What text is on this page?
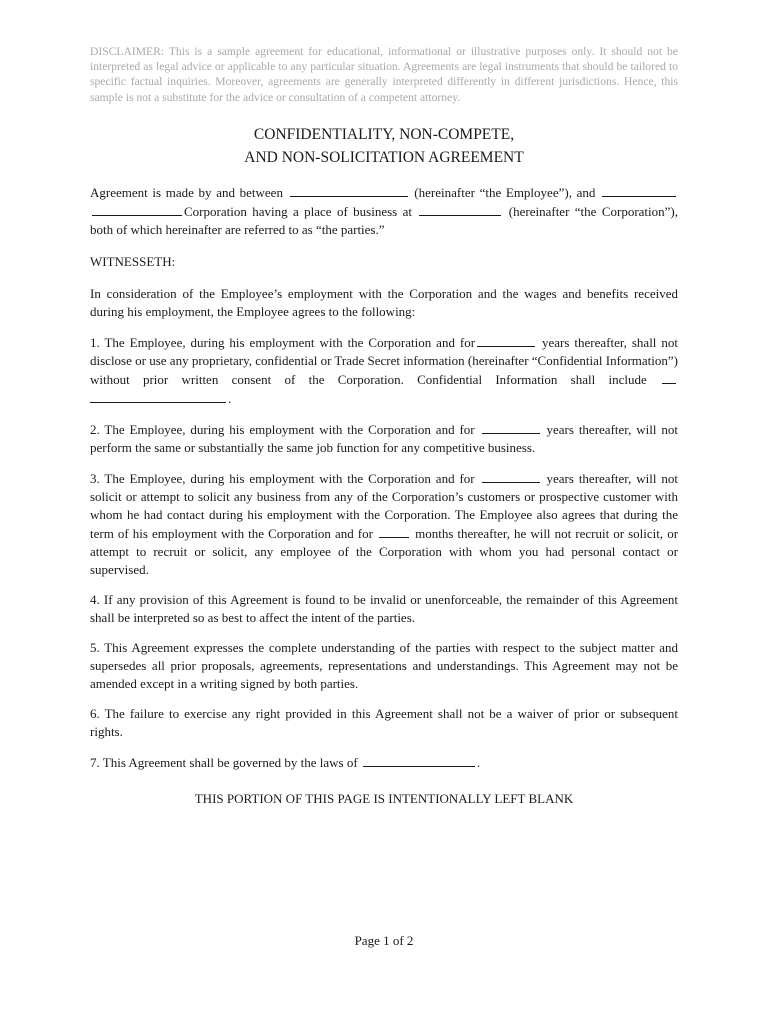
DISCLAIMER: This is a sample agreement for educational, informational or illustrative purposes only. It should not be interpreted as legal advice or applicable to any particular situation. Agreements are legal instruments that should be tailored to specific factual inquiries. Moreover, agreements are generally interpreted differently in different jurisdictions. Hence, this sample is not a substitute for the advice or consultation of a competent attorney.

CONFIDENTIALITY, NON-COMPETE,
AND NON-SOLICITATION AGREEMENT

Agreement is made by and between	(hereinafter “the Employee”), and  Corporation having a place of business at	(hereinafter “the Corporation”), both of which hereinafter are referred to as “the parties.”

WITNESSETH:

In consideration of the Employee’s employment with the Corporation and the wages and benefits received during his employment, the Employee agrees to the following:

1. The Employee, during his employment with the Corporation and for	years thereafter, shall not disclose or use any proprietary, confidential or Trade Secret information (hereinafter “Confidential Information”) without prior written consent of the Corporation. Confidential Information shall include  .

2. The Employee, during his employment with the Corporation and for	years thereafter, will not perform the same or substantially the same job function for any competitive business.

3. The Employee, during his employment with the Corporation and for	years thereafter, will not solicit or attempt to solicit any business from any of the Corporation’s customers or prospective customer with whom he had contact during his employment with the Corporation. The Employee also agrees that during the term of his employment with the Corporation and for	months thereafter, he will not recruit or solicit, or attempt to recruit or solicit, any employee of the Corporation with whom you had personal contact or supervised.

4. If any provision of this Agreement is found to be invalid or unenforceable, the remainder of this Agreement shall be interpreted so as best to affect the intent of the parties.

5. This Agreement expresses the complete understanding of the parties with respect to the subject matter and supersedes all prior proposals, agreements, representations and understandings. This Agreement may not be amended except in a writing signed by both parties.

6. The failure to exercise any right provided in this Agreement shall not be a waiver of prior or subsequent rights.

7. This Agreement shall be governed by the laws of	.

THIS PORTION OF THIS PAGE IS INTENTIONALLY LEFT BLANK

Page 1 of 2
